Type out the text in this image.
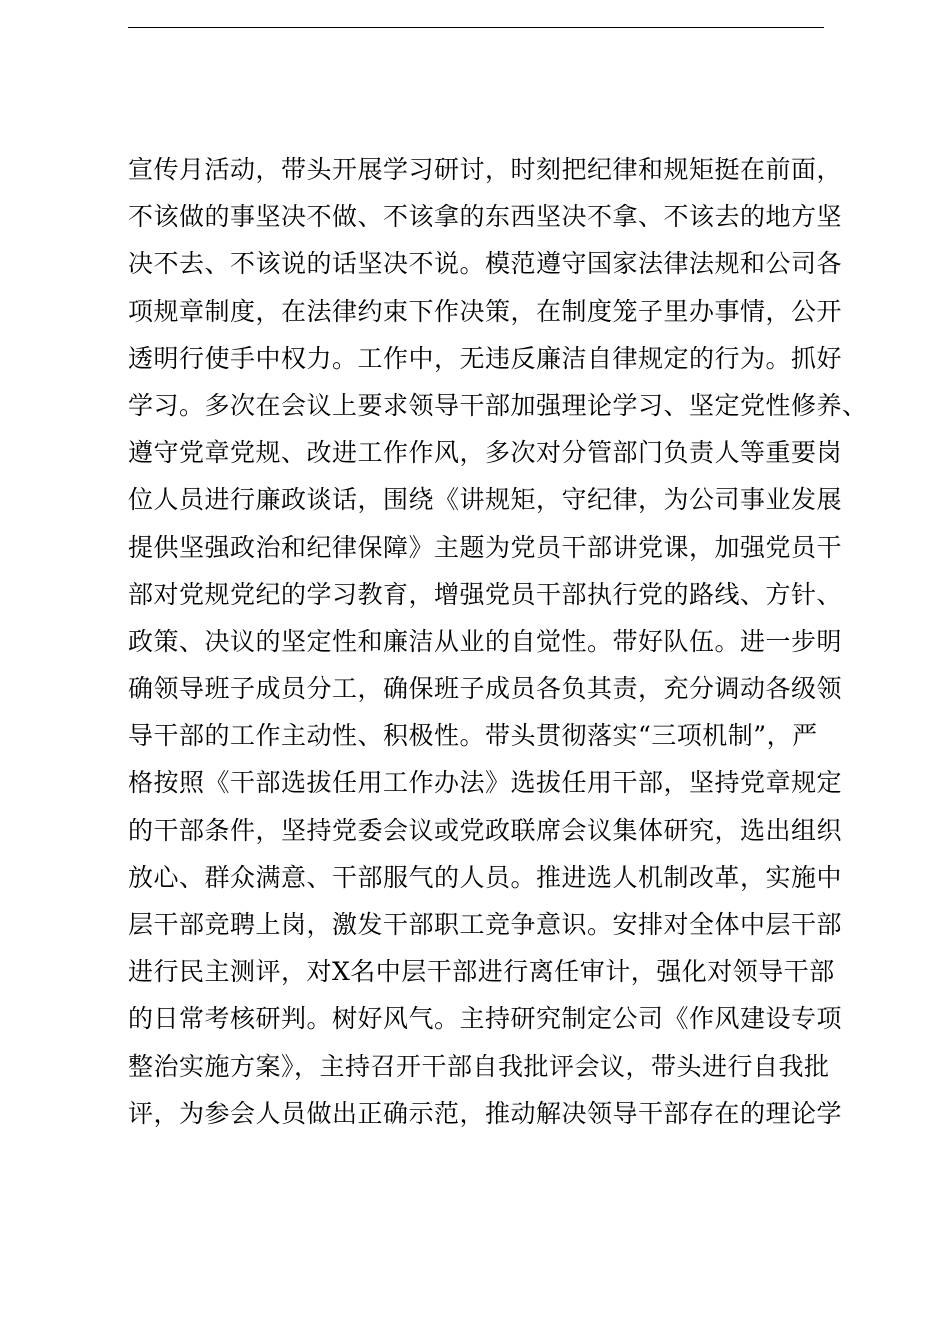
宣传月活动，带头开展学习研讨，时刻把纪律和规矩挺在前面，
不该做的事坚决不做、不该拿的东西坚决不拿、不该去的地方坚
决不去、不该说的话坚决不说。模范遵守国家法律法规和公司各
项规章制度，在法律约束下作决策，在制度笼子里办事情，公开
透明行使手中权力。工作中，无违反廉洁自律规定的行为。抓好
学习。多次在会议上要求领导干部加强理论学习、坚定党性修养、
遵守党章党规、改进工作作风，多次对分管部门负责人等重要岗
位人员进行廉政谈话，围绕《讲规矩，守纪律，为公司事业发展
提供坚强政治和纪律保障》主题为党员干部讲党课，加强党员干
部对党规党纪的学习教育，增强党员干部执行党的路线、方针、
政策、决议的坚定性和廉洁从业的自觉性。带好队伍。进一步明
确领导班子成员分工，确保班子成员各负其责，充分调动各级领
导干部的工作主动性、积极性。带头贯彻落实“三项机制”，严
格按照《干部选拔任用工作办法》选拔任用干部，坚持党章规定
的干部条件，坚持党委会议或党政联席会议集体研究，选出组织
放心、群众满意、干部服气的人员。推进选人机制改革，实施中
层干部竞聘上岗，激发干部职工竞争意识。安排对全体中层干部
进行民主测评，对X名中层干部进行离任审计，强化对领导干部
的日常考核研判。树好风气。主持研究制定公司《作风建设专项
整治实施方案》，主持召开干部自我批评会议，带头进行自我批
评，为参会人员做出正确示范，推动解决领导干部存在的理论学
